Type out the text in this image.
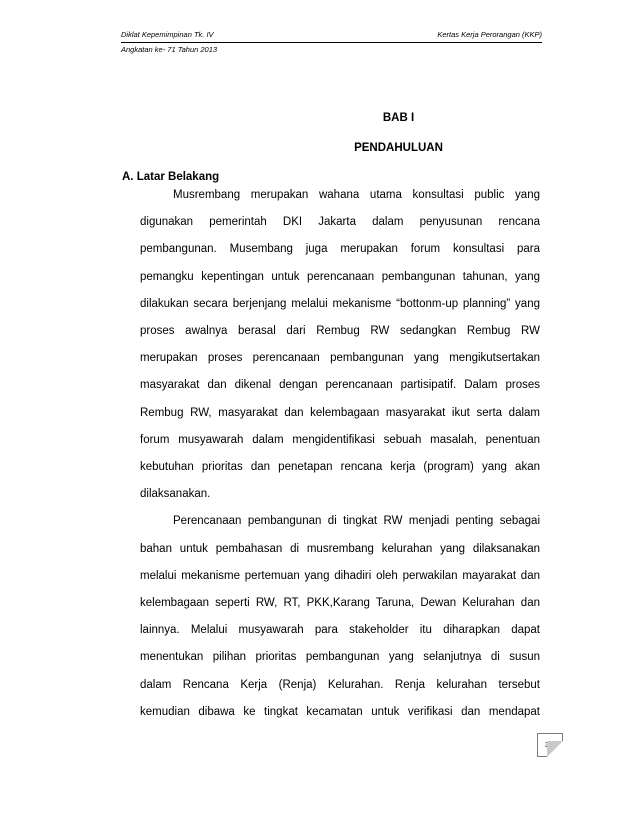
Diklat Kepemimpinan Tk. IV
Angkatan ke- 71 Tahun 2013
Kertas Kerja Perorangan (KKP)
BAB I
PENDAHULUAN
A. Latar Belakang
Musrembang merupakan wahana utama konsultasi public yang
digunakan pemerintah DKI Jakarta dalam penyusunan rencana
pembangunan. Musembang juga merupakan forum konsultasi para
pemangku kepentingan untuk perencanaan pembangunan tahunan, yang
dilakukan secara berjenjang melalui mekanisme “bottonm-up planning” yang
proses awalnya berasal dari Rembug RW sedangkan Rembug RW
merupakan proses perencanaan pembangunan yang mengikutsertakan
masyarakat dan dikenal dengan perencanaan partisipatif. Dalam proses
Rembug RW, masyarakat dan kelembagaan masyarakat ikut serta dalam
forum musyawarah dalam mengidentifikasi sebuah masalah, penentuan
kebutuhan prioritas dan penetapan rencana kerja (program) yang akan
dilaksanakan.
Perencanaan pembangunan di tingkat RW menjadi penting sebagai
bahan untuk pembahasan di musrembang kelurahan yang dilaksanakan
melalui mekanisme pertemuan yang dihadiri oleh perwakilan mayarakat dan
kelembagaan seperti RW, RT, PKK,Karang Taruna, Dewan Kelurahan dan
lainnya. Melalui musyawarah para stakeholder itu diharapkan dapat
menentukan pilihan prioritas pembangunan yang selanjutnya di susun
dalam Rencana Kerja (Renja) Kelurahan. Renja kelurahan tersebut
kemudian dibawa ke tingkat kecamatan untuk verifikasi dan mendapat
3
